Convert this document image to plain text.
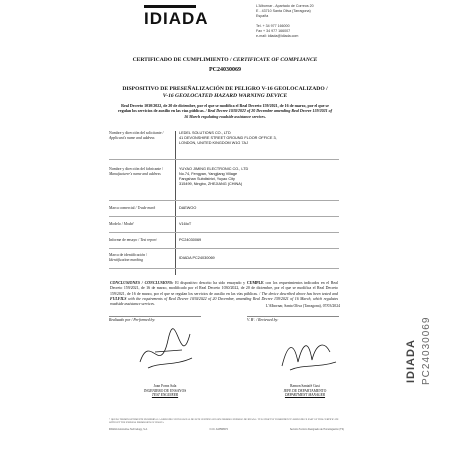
IDIADA
L'Albornar - Apartado de Correos 20
E - 43710 Santa Oliva (Tarragona)
España

Tel. + 34 977 166000
Fax + 34 977 166007
e-mail: idiada@idiada.com
CERTIFICADO DE CUMPLIMIENTO / CERTIFICATE OF COMPLIANCE
PC24030069
DISPOSITIVO DE PRESEÑALIZACIÓN DE PELIGRO V-16 GEOLOCALIZADO /
V-16 GEOLOCATED HAZARD WARNING DEVICE
Real Decreto 1030/2022, de 20 de diciembre, por el que se modifica el Real Decreto 159/2021, de 16 de marzo, por el que se regulan los servicios de auxilio en las vías públicas. / Real Decree 1030/2022 of 20 December amending Real Decree 159/2021 of 16 March regulating roadside assistance services.
Nombre y dirección del solicitante /
Applicant's name and address
LEDEL SOLUTIONS CO., LTD
41 DEVONSHIRE STREET GROUND FLOOR OFFICE 3,
LONDON, UNITED KINGDOM W1G 7AJ
Nombre y dirección del fabricante /
Manufacturer's name and address
YUYAO JIMING ELECTRONIC CO., LTD
No.74, Fengyan, Yangjiang Village
Fangshan Subdistrict, Yuyao City
315499, Ningbo, ZHEJIANG (CHINA)
Marca comercial / Trade mark	DAEWOO
Modelo / Model	V16IoT
Informe de ensayo / Test report	PC24030069
Marca de identificación /
Identification marking	IDIADA PC24030069
CONCLUSIONES / CONCLUSIONS: El dispositivo descrito ha sido ensayado y CUMPLE con los requerimientos indicados en el Real Decreto 159/2021, de 16 de marzo, modificado por el Real Decreto 1030/2022, de 20 de diciembre, por el que se modifica el Real Decreto 159/2021, de 16 de marzo, por el que se regulan los servicios de auxilio en las vías públicas. / The device described above has been tested and FULFILS with the requirements of Real Decree 1030/2022 of 20 December, amending Real Decree 159/2021 of 16 March, which regulates roadside assistance services.	L'Albornar, Santa Oliva (Tarragona), 07/03/2024
Realizado por / Performed by:	V. Bº. / Reviewed by:
Joan Forns Sala
INGENIERO DE ENSAYOS
TEST ENGINEER
Ramon Santafé Gusi
JEFE DE DEPARTAMENTO
DEPARTMENT MANAGER
* QUEDA TERMINANTEMENTE PROHIBIDA LA REPRODUCCIÓN PARCIAL DE ESTE CERTIFICADO SIN PERMISO EXPRESO DE IDIADA / IT IS STRICTLY FORBIDDEN TO REPRODUCE PART OF THIS CERTIFICATE WITHOUT THE EXPRESS PERMISSION OF IDIADA
IDIADA Automotive Technology, S.A.	N.I.F. A43588972	Servicio Técnico Designado de Homologación (TS)
IDIADA PC24030069
